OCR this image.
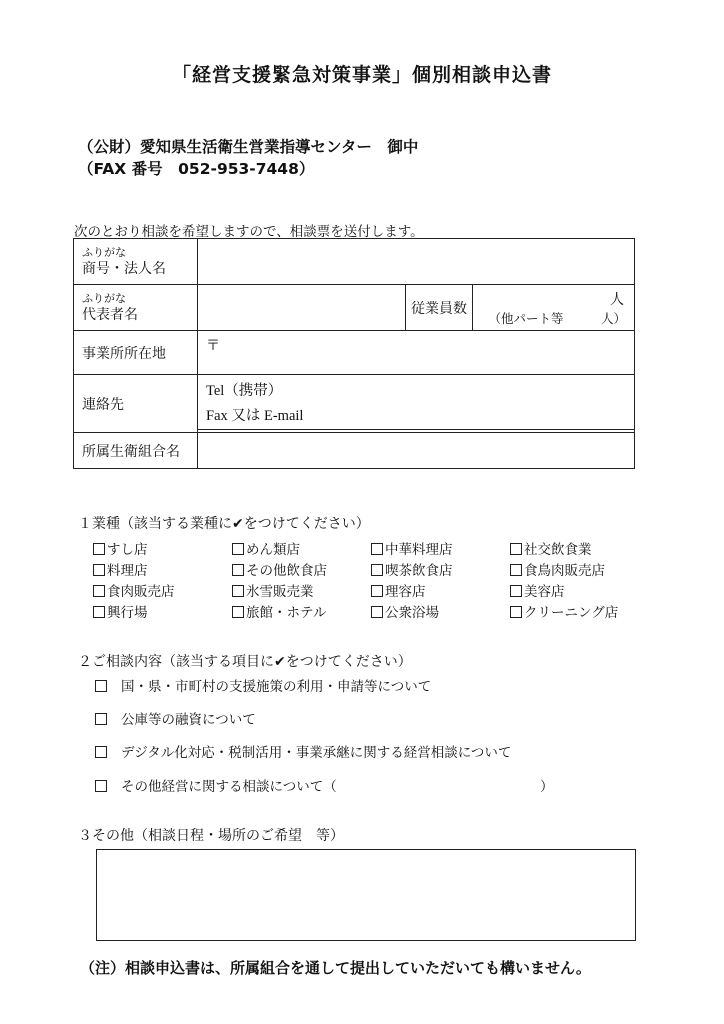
「経営支援緊急対策事業」個別相談申込書
（公財）愛知県生活衛生営業指導センター　御中
（FAX 番号　052-953-7448）
次のとおり相談を希望しますので、相談票を送付します。
ふりがな
商号・法人名			

ふりがな
代表者名		従業員数	人
（他パート等　　　人）

事業所所在地	〒		
連絡先	Tel（携帯）
Fax 又は E-mail		

所属生衛組合名			
１業種（該当する業種に✔をつけてください）
すし店	めん類店	中華料理店	社交飲食業
料理店	その他飲食店	喫茶飲食店	食鳥肉販売店
食肉販売店	氷雪販売業	理容店	美容店
興行場	旅館・ホテル	公衆浴場	クリーニング店
２ご相談内容（該当する項目に✔をつけてください）
国・県・市町村の支援施策の利用・申請等について
公庫等の融資について
デジタル化対応・税制活用・事業承継に関する経営相談について
その他経営に関する相談について（	）
３その他（相談日程・場所のご希望　等）
（注）相談申込書は、所属組合を通して提出していただいても構いません。
